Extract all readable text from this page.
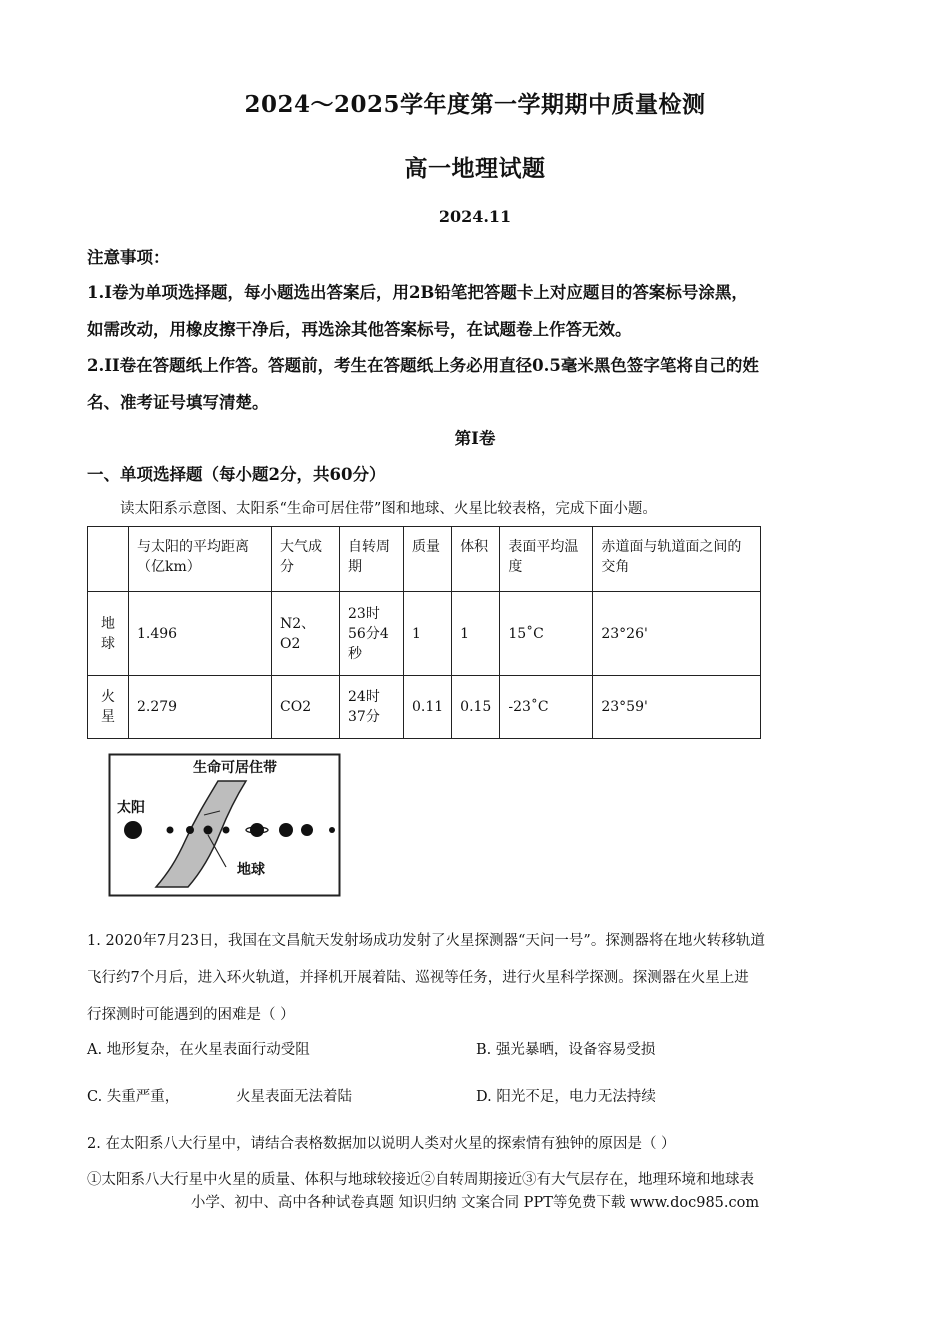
2024～2025学年度第一学期期中质量检测
高一地理试题
2024.11
注意事项：
1.I卷为单项选择题，每小题选出答案后，用2B铅笔把答题卡上对应题目的答案标号涂黑，
如需改动，用橡皮擦干净后，再选涂其他答案标号，在试题卷上作答无效。
2.II卷在答题纸上作答。答题前，考生在答题纸上务必用直径0.5毫米黑色签字笔将自己的姓
名、准考证号填写清楚。
第I卷
一、单项选择题（每小题2分，共60分）
读太阳系示意图、太阳系“生命可居住带”图和地球、火星比较表格，完成下面小题。
	与太阳的平均距离（亿km）	大气成分	自转周期	质量	体积	表面平均温度	赤道面与轨道面之间的交角
地球	1.496	N2、O2	23时56分4秒	1	1	15˚C	23°26'
火星	2.279	CO2	24时37分	0.11	0.15	-23˚C	23°59'
生命可居住带
太阳
地球
1. 2020年7月23日，我国在文昌航天发射场成功发射了火星探测器“天问一号”。探测器将在地火转移轨道
飞行约7个月后，进入环火轨道，并择机开展着陆、巡视等任务，进行火星科学探测。探测器在火星上进
行探测时可能遇到的困难是（ ）
A. 地形复杂，在火星表面行动受阻	B. 强光暴晒，设备容易受损
C. 失重严重，	火星表面无法着陆	D. 阳光不足，电力无法持续
2. 在太阳系八大行星中，请结合表格数据加以说明人类对火星的探索情有独钟的原因是（ ）
①太阳系八大行星中火星的质量、体积与地球较接近②自转周期接近③有大气层存在，地理环境和地球表
小学、初中、高中各种试卷真题 知识归纳 文案合同 PPT等免费下载 www.doc985.com
